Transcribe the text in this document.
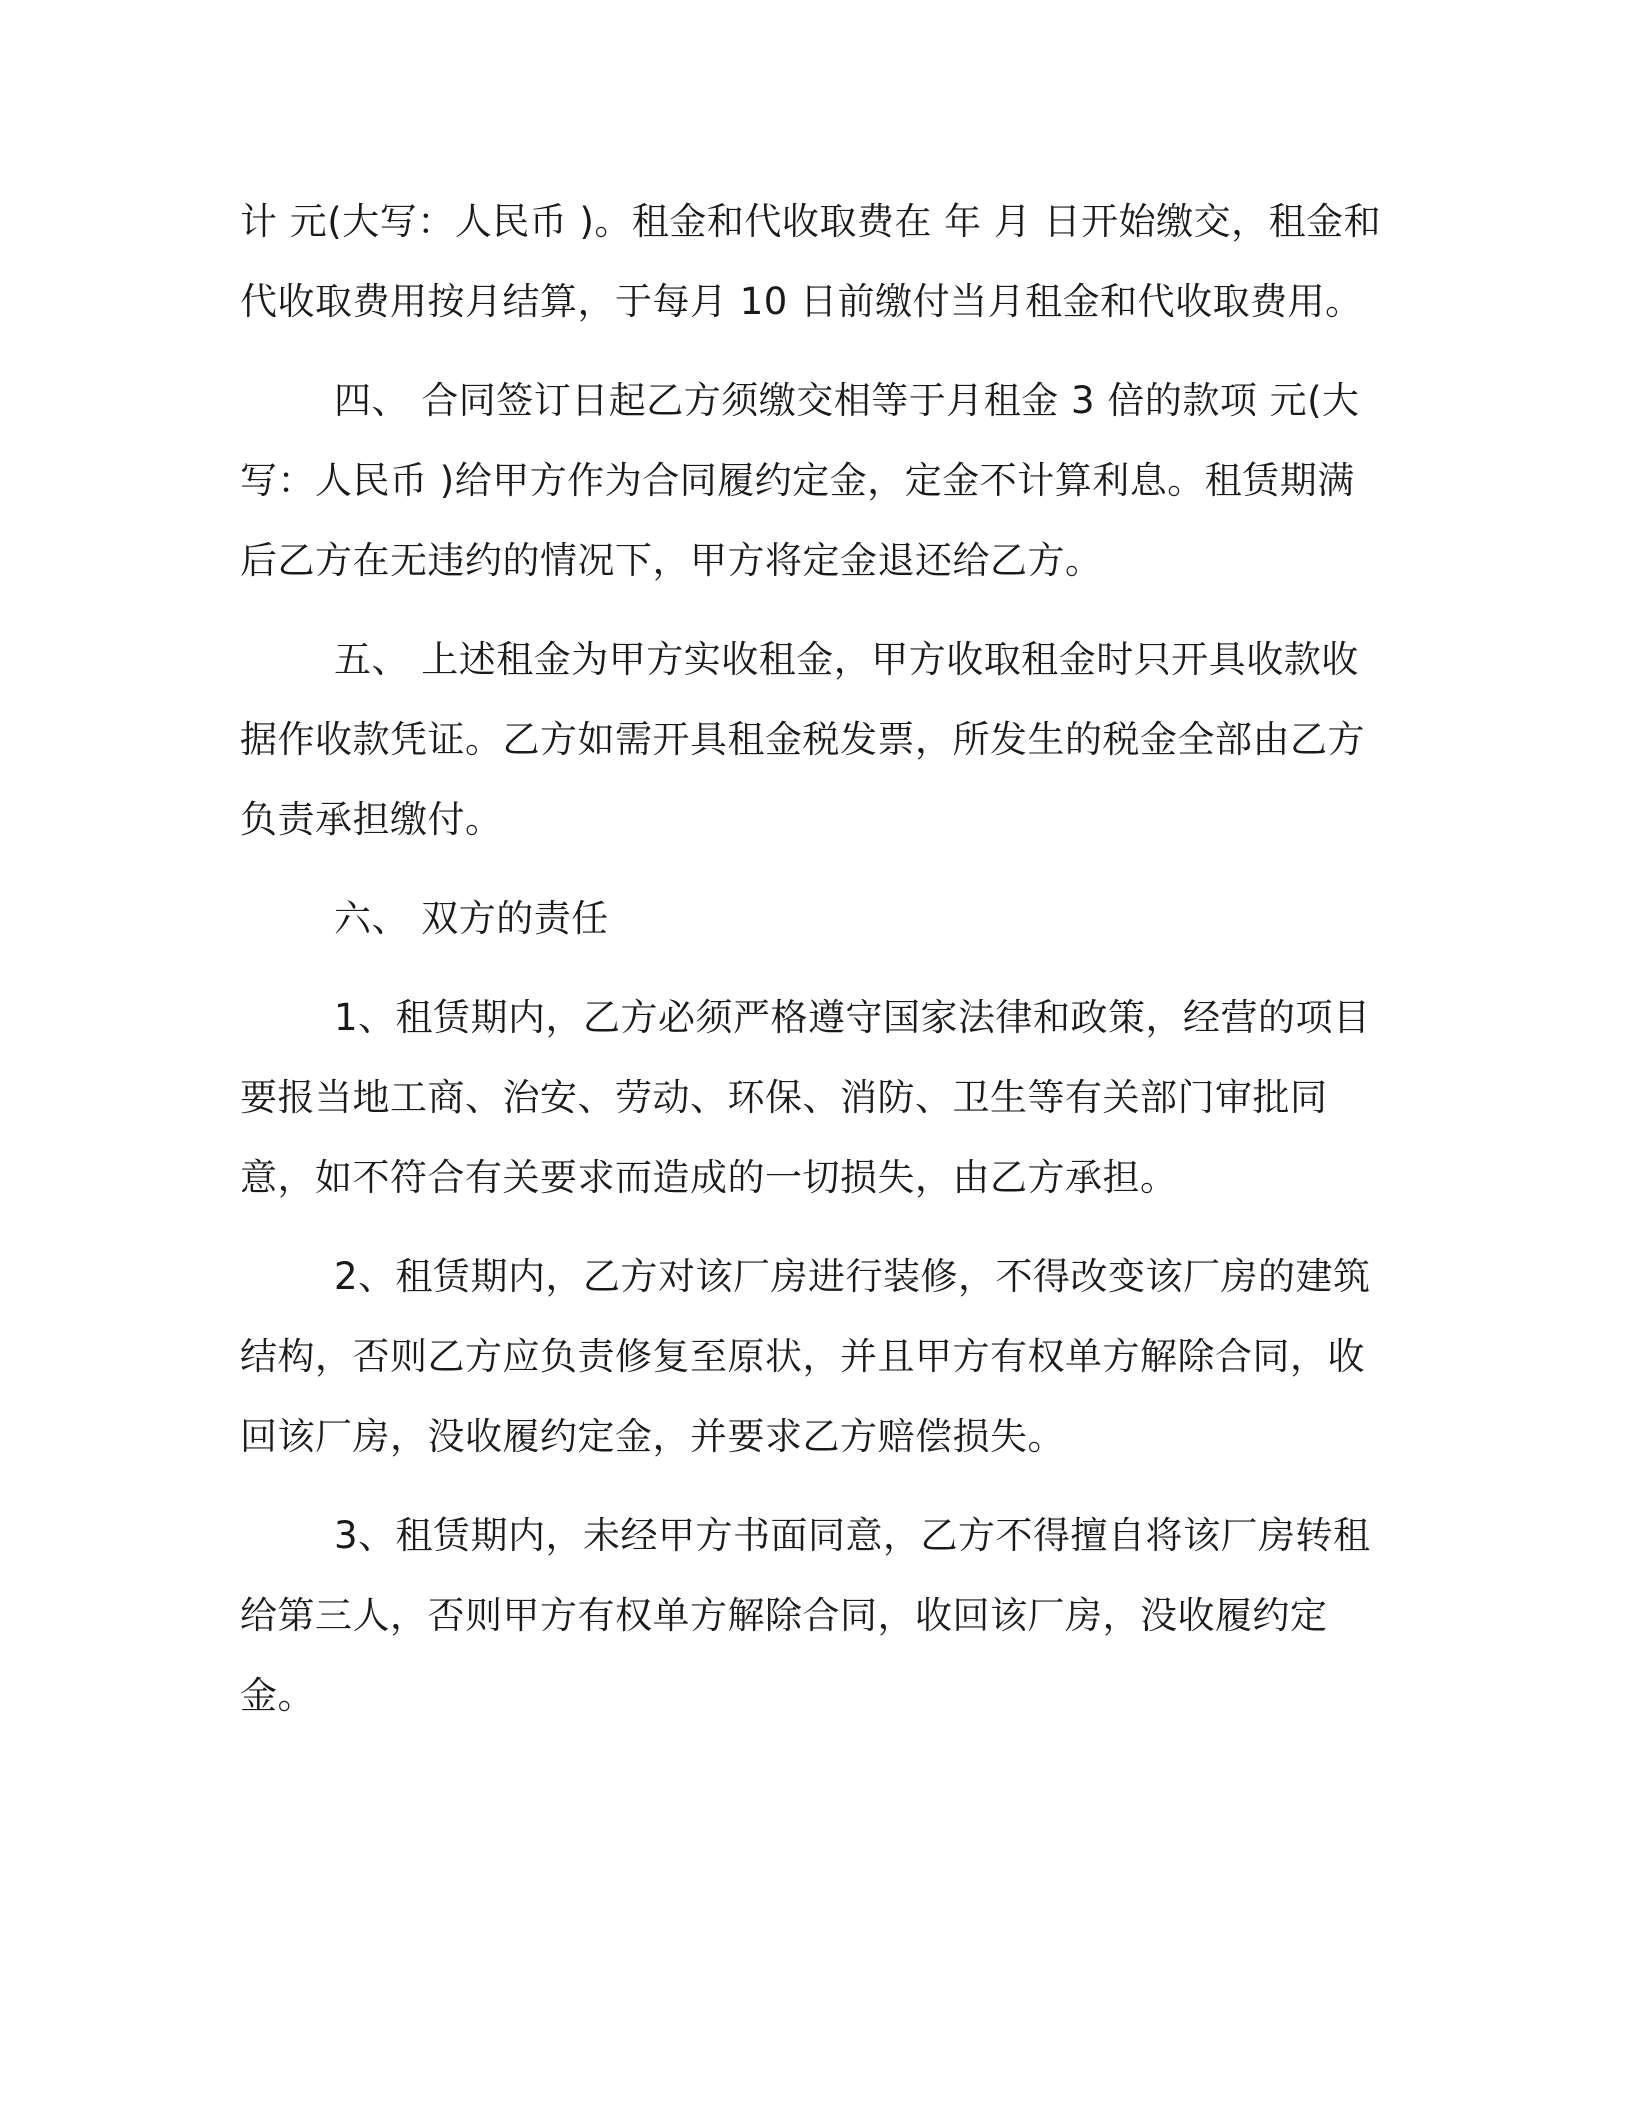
计 元(大写：人民币 )。租金和代收取费在 年 月 日开始缴交，租金和代收取费用按月结算，于每月 10 日前缴付当月租金和代收取费用。

四、 合同签订日起乙方须缴交相等于月租金 3 倍的款项 元(大写：人民币 )给甲方作为合同履约定金，定金不计算利息。租赁期满后乙方在无违约的情况下，甲方将定金退还给乙方。

五、 上述租金为甲方实收租金，甲方收取租金时只开具收款收据作收款凭证。乙方如需开具租金税发票，所发生的税金全部由乙方负责承担缴付。

六、 双方的责任

1、租赁期内，乙方必须严格遵守国家法律和政策，经营的项目要报当地工商、治安、劳动、环保、消防、卫生等有关部门审批同意，如不符合有关要求而造成的一切损失，由乙方承担。

2、租赁期内，乙方对该厂房进行装修，不得改变该厂房的建筑结构，否则乙方应负责修复至原状，并且甲方有权单方解除合同，收回该厂房，没收履约定金，并要求乙方赔偿损失。

3、租赁期内，未经甲方书面同意，乙方不得擅自将该厂房转租给第三人，否则甲方有权单方解除合同，收回该厂房，没收履约定金。
